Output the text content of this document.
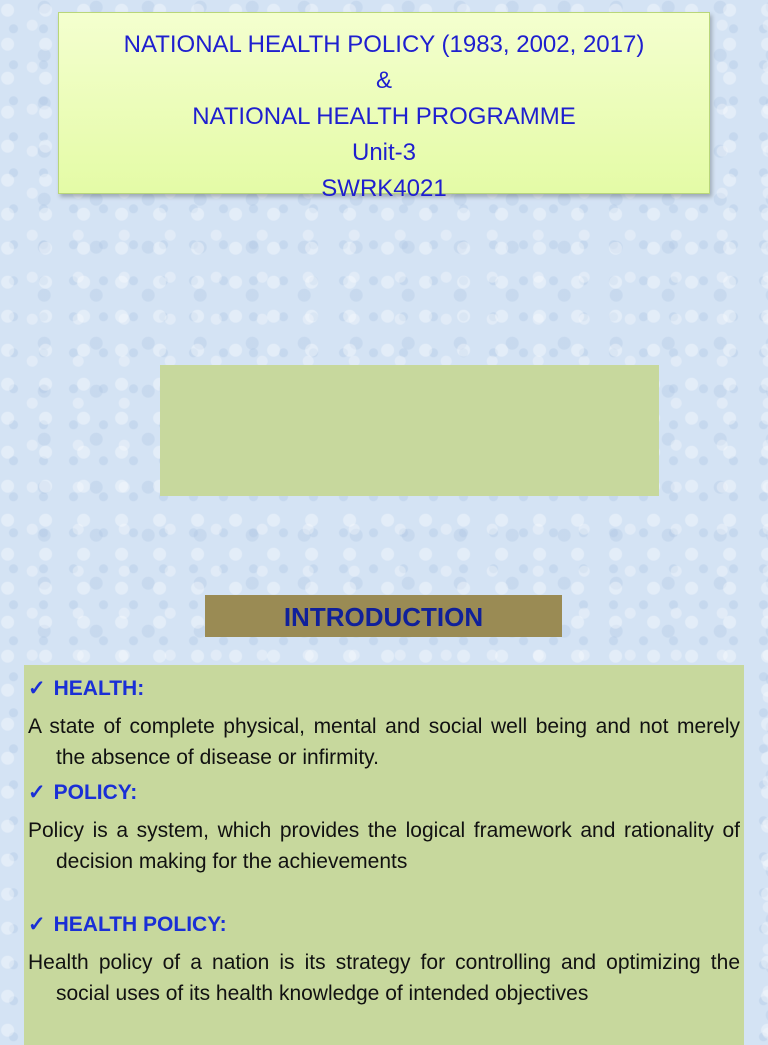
NATIONAL HEALTH POLICY (1983, 2002, 2017)
&
NATIONAL HEALTH PROGRAMME
Unit-3
SWRK4021
INTRODUCTION
✓ HEALTH:

A state of complete physical, mental and social well being and not merely the absence of disease or infirmity.

✓ POLICY:

Policy is a system, which provides the logical framework and rationality of decision making for the achievements

✓ HEALTH POLICY:

Health policy of a nation is its strategy for controlling and optimizing the social uses of its health knowledge of intended objectives
